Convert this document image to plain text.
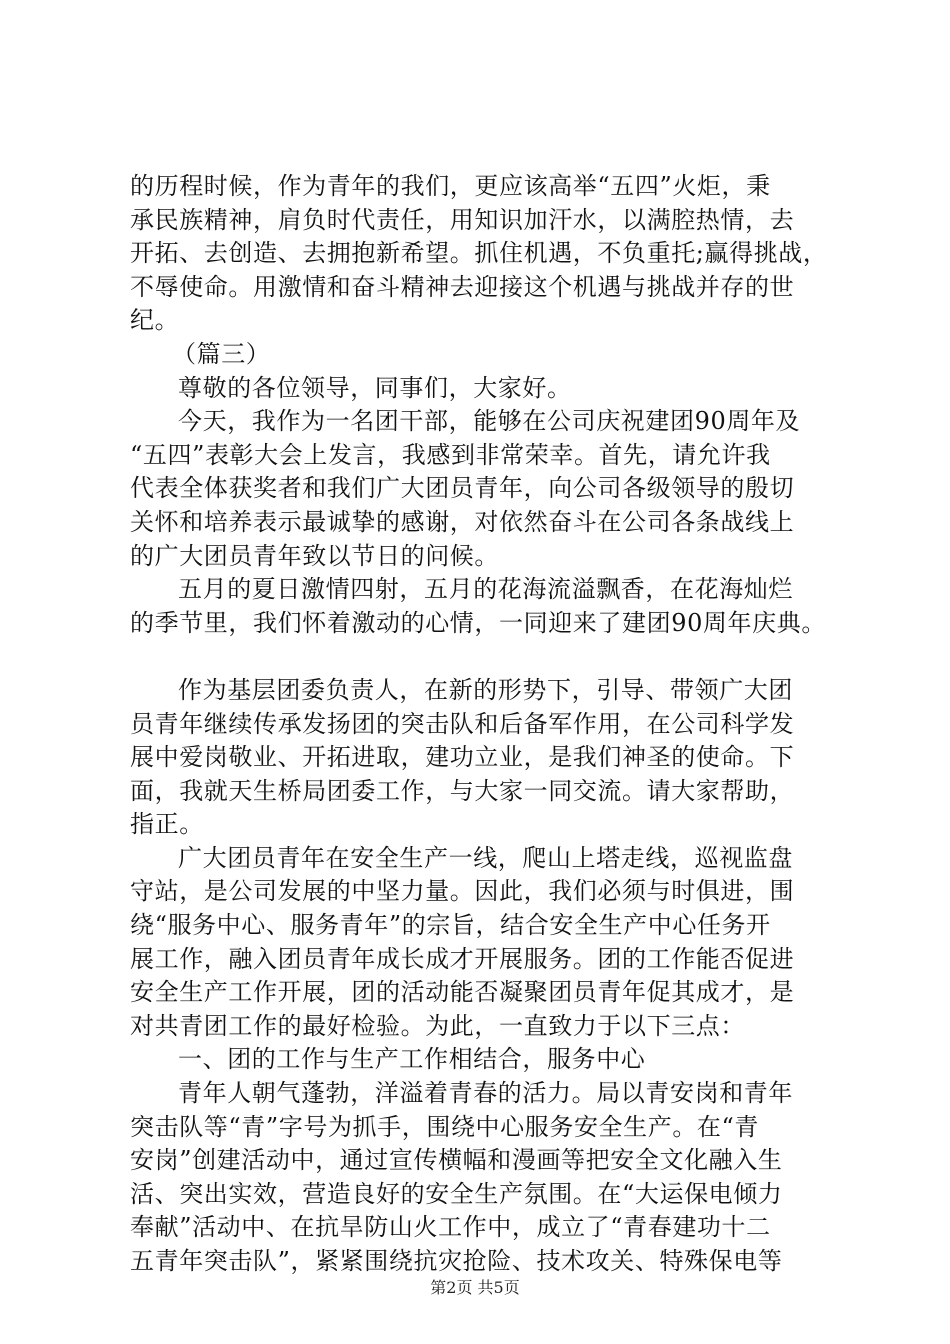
的历程时候，作为青年的我们，更应该高举“五四”火炬，秉
承民族精神，肩负时代责任，用知识加汗水，以满腔热情，去
开拓、去创造、去拥抱新希望。抓住机遇，不负重托;赢得挑战，
不辱使命。用激情和奋斗精神去迎接这个机遇与挑战并存的世
纪。
（篇三）
尊敬的各位领导，同事们，大家好。
今天，我作为一名团干部，能够在公司庆祝建团90周年及
“五四”表彰大会上发言，我感到非常荣幸。首先，请允许我
代表全体获奖者和我们广大团员青年，向公司各级领导的殷切
关怀和培养表示最诚挚的感谢，对依然奋斗在公司各条战线上
的广大团员青年致以节日的问候。
五月的夏日激情四射，五月的花海流溢飘香，在花海灿烂
的季节里，我们怀着激动的心情，一同迎来了建团90周年庆典。
作为基层团委负责人，在新的形势下，引导、带领广大团
员青年继续传承发扬团的突击队和后备军作用，在公司科学发
展中爱岗敬业、开拓进取，建功立业，是我们神圣的使命。下
面，我就天生桥局团委工作，与大家一同交流。请大家帮助，
指正。
广大团员青年在安全生产一线，爬山上塔走线，巡视监盘
守站，是公司发展的中坚力量。因此，我们必须与时俱进，围
绕“服务中心、服务青年”的宗旨，结合安全生产中心任务开
展工作，融入团员青年成长成才开展服务。团的工作能否促进
安全生产工作开展，团的活动能否凝聚团员青年促其成才，是
对共青团工作的最好检验。为此，一直致力于以下三点：
一、团的工作与生产工作相结合，服务中心
青年人朝气蓬勃，洋溢着青春的活力。局以青安岗和青年
突击队等“青”字号为抓手，围绕中心服务安全生产。在“青
安岗”创建活动中，通过宣传横幅和漫画等把安全文化融入生
活、突出实效，营造良好的安全生产氛围。在“大运保电倾力
奉献”活动中、在抗旱防山火工作中，成立了“青春建功十二
五青年突击队”，紧紧围绕抗灾抢险、技术攻关、特殊保电等
第2页 共5页
